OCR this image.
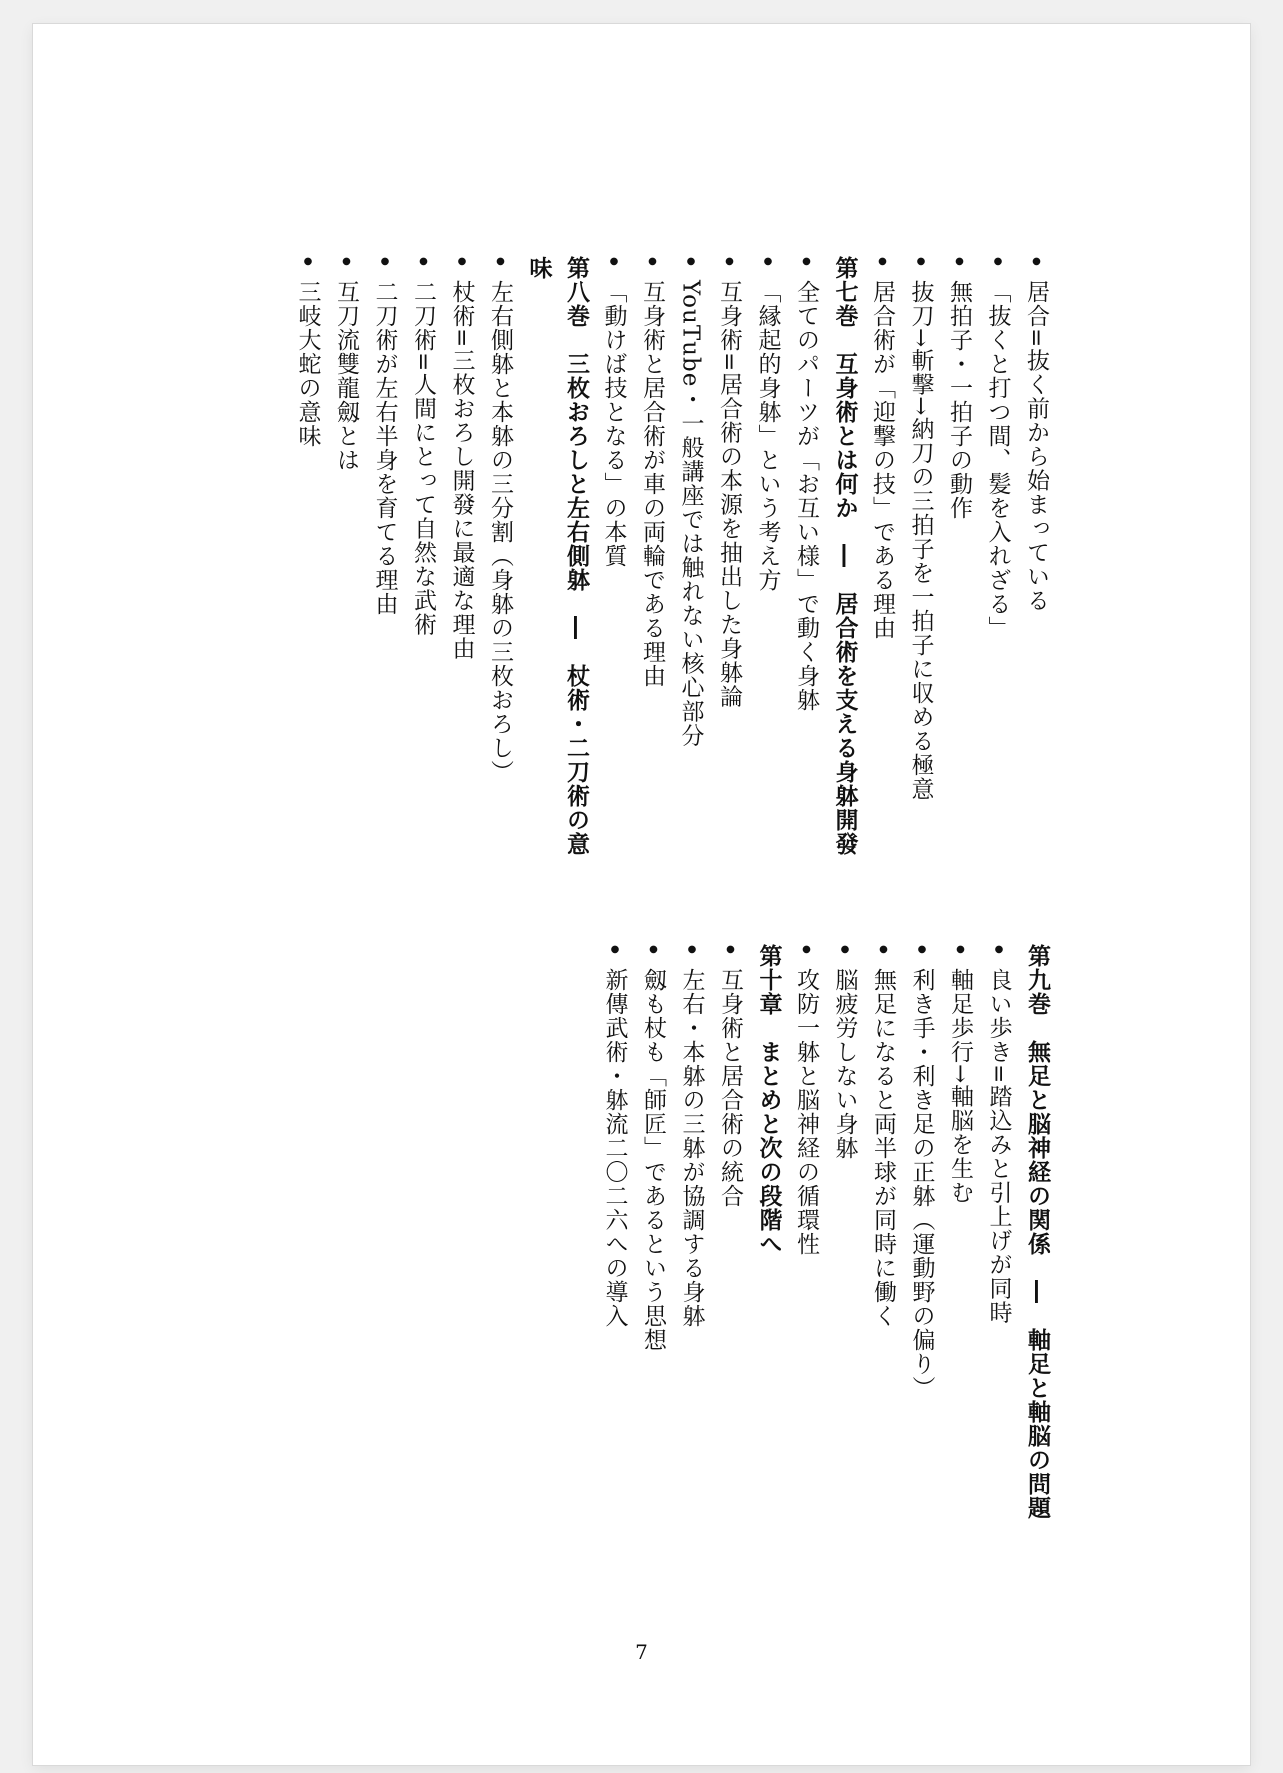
● 居合=抜く前から始まっている

● 「抜くと打つ間、髪を入れざる」

● 無拍子・一拍子の動作

● 抜刀→斬撃→納刀の三拍子を一拍子に収める極意

● 居合術が「迎撃の技」である理由

第七巻　互身術とは何か　―　居合術を支える身躰開發

● 全てのパーツが「お互い様」で動く身躰

● 「縁起的身躰」という考え方

● 互身術=居合術の本源を抽出した身躰論

● YouTube・一般講座では触れない核心部分

● 互身術と居合術が車の両輪である理由

● 「動けば技となる」の本質

第八巻　三枚おろしと左右側躰　―　杖術・二刀術の意

味

● 左右側躰と本躰の三分割（身躰の三枚おろし）

● 杖術=三枚おろし開發に最適な理由

● 二刀術=人間にとって自然な武術

● 二刀術が左右半身を育てる理由

● 互刀流雙龍劔とは

● 三岐大蛇の意味

第九巻　無足と脳神経の関係　―　軸足と軸脳の問題

● 良い歩き=踏込みと引上げが同時

● 軸足歩行→軸脳を生む

● 利き手・利き足の正躰（運動野の偏り）

● 無足になると両半球が同時に働く

● 脳疲労しない身躰

● 攻防一躰と脳神経の循環性

第十章　まとめと次の段階へ

● 互身術と居合術の統合

● 左右・本躰の三躰が協調する身躰

● 劔も杖も「師匠」であるという思想

● 新傳武術・躰流二〇二六への導入

7
